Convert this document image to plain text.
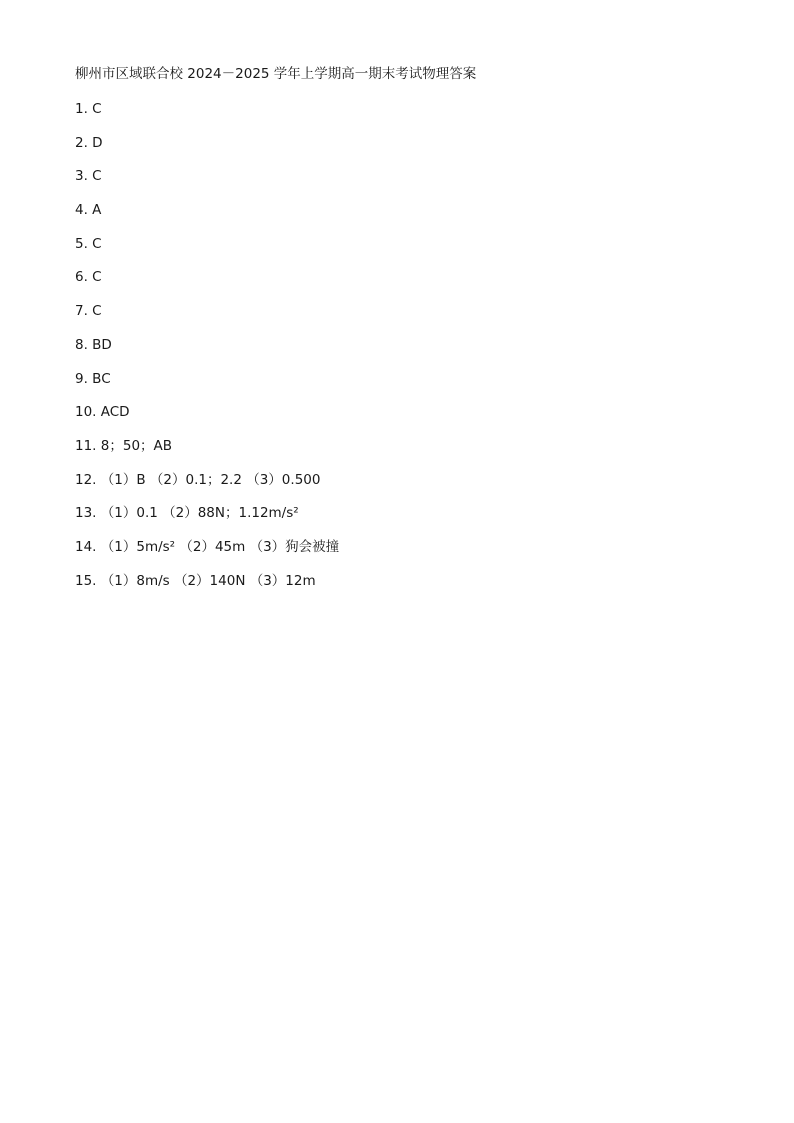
柳州市区域联合校 2024－2025 学年上学期高一期末考试物理答案
1. C
2. D
3. C
4. A
5. C
6. C
7. C
8. BD
9. BC
10. ACD
11. 8；50；AB
12. （1）B （2）0.1；2.2 （3）0.500
13. （1）0.1 （2）88N；1.12m/s²
14. （1）5m/s² （2）45m （3）狗会被撞
15. （1）8m/s （2）140N （3）12m
